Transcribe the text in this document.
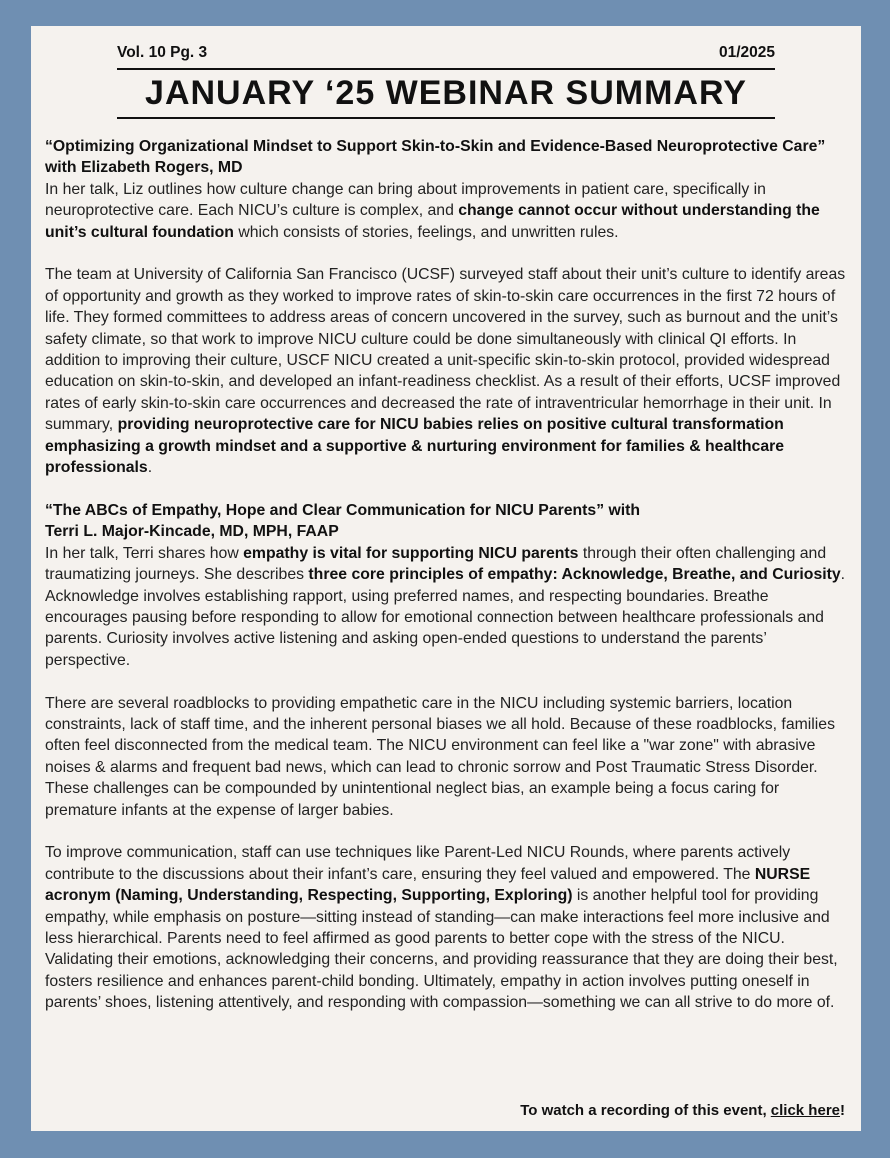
Vol. 10 Pg. 3	01/2025
JANUARY ‘25 WEBINAR SUMMARY

“Optimizing Organizational Mindset to Support Skin-to-Skin and Evidence-Based Neuroprotective Care” with Elizabeth Rogers, MD

In her talk, Liz outlines how culture change can bring about improvements in patient care, specifically in neuroprotective care. Each NICU’s culture is complex, and change cannot occur without understanding the unit’s cultural foundation which consists of stories, feelings, and unwritten rules.

The team at University of California San Francisco (UCSF) surveyed staff about their unit’s culture to identify areas of opportunity and growth as they worked to improve rates of skin-to-skin care occurrences in the first 72 hours of life. They formed committees to address areas of concern uncovered in the survey, such as burnout and the unit’s safety climate, so that work to improve NICU culture could be done simultaneously with clinical QI efforts. In addition to improving their culture, USCF NICU created a unit-specific skin-to-skin protocol, provided widespread education on skin-to-skin, and developed an infant-readiness checklist. As a result of their efforts, UCSF improved rates of early skin-to-skin care occurrences and decreased the rate of intraventricular hemorrhage in their unit. In summary, providing neuroprotective care for NICU babies relies on positive cultural transformation emphasizing a growth mindset and a supportive & nurturing environment for families & healthcare professionals.

“The ABCs of Empathy, Hope and Clear Communication for NICU Parents” with
Terri L. Major-Kincade, MD, MPH, FAAP

In her talk, Terri shares how empathy is vital for supporting NICU parents through their often challenging and traumatizing journeys. She describes three core principles of empathy: Acknowledge, Breathe, and Curiosity. Acknowledge involves establishing rapport, using preferred names, and respecting boundaries. Breathe encourages pausing before responding to allow for emotional connection between healthcare professionals and parents. Curiosity involves active listening and asking open-ended questions to understand the parents’ perspective.

There are several roadblocks to providing empathetic care in the NICU including systemic barriers, location constraints, lack of staff time, and the inherent personal biases we all hold. Because of these roadblocks, families often feel disconnected from the medical team. The NICU environment can feel like a "war zone" with abrasive noises & alarms and frequent bad news, which can lead to chronic sorrow and Post Traumatic Stress Disorder. These challenges can be compounded by unintentional neglect bias, an example being a focus caring for premature infants at the expense of larger babies.

To improve communication, staff can use techniques like Parent-Led NICU Rounds, where parents actively contribute to the discussions about their infant’s care, ensuring they feel valued and empowered. The NURSE acronym (Naming, Understanding, Respecting, Supporting, Exploring) is another helpful tool for providing empathy, while emphasis on posture—sitting instead of standing—can make interactions feel more inclusive and less hierarchical. Parents need to feel affirmed as good parents to better cope with the stress of the NICU. Validating their emotions, acknowledging their concerns, and providing reassurance that they are doing their best, fosters resilience and enhances parent-child bonding. Ultimately, empathy in action involves putting oneself in parents’ shoes, listening attentively, and responding with compassion—something we can all strive to do more of.

To watch a recording of this event, click here!
